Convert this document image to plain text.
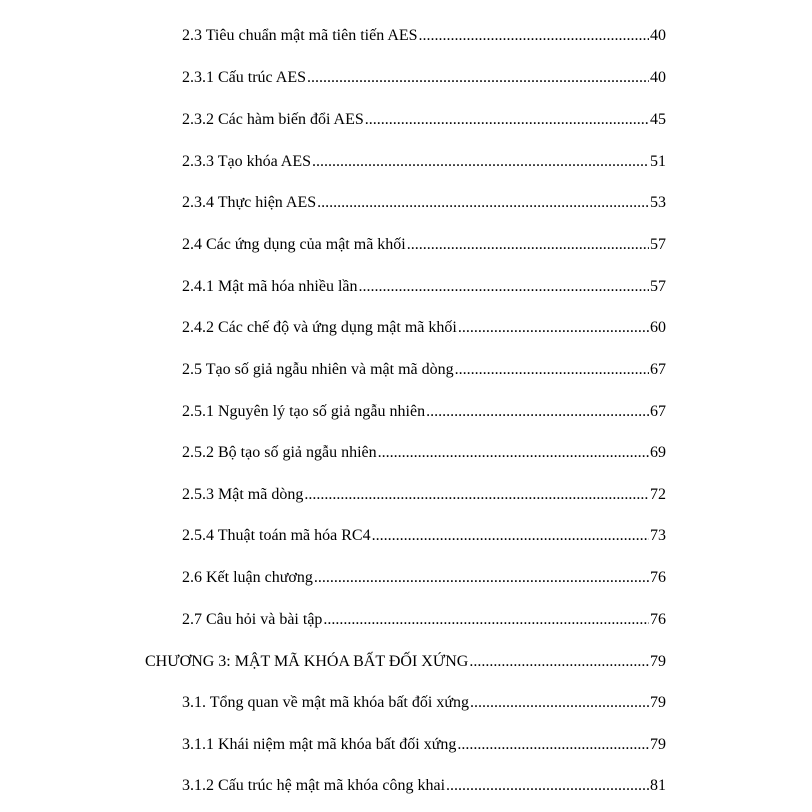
2.3 Tiêu chuẩn mật mã tiên tiến AES .....	40
2.3.1 Cấu trúc AES .....	40
2.3.2 Các hàm biến đổi AES .....	45
2.3.3 Tạo khóa AES .....	51
2.3.4 Thực hiện AES .....	53
2.4 Các ứng dụng của mật mã khối .....	57
2.4.1 Mật mã hóa nhiều lần .....	57
2.4.2 Các chế độ và ứng dụng mật mã khối .....	60
2.5 Tạo số giả ngẫu nhiên và mật mã dòng .....	67
2.5.1 Nguyên lý tạo số giả ngẫu nhiên .....	67
2.5.2 Bộ tạo số giả ngẫu nhiên .....	69
2.5.3 Mật mã dòng .....	72
2.5.4 Thuật toán mã hóa RC4 .....	73
2.6 Kết luận chương .....	76
2.7 Câu hỏi và bài tập .....	76
CHƯƠNG 3: MẬT MÃ KHÓA BẤT ĐỐI XỨNG .....	79
3.1. Tổng quan về mật mã khóa bất đối xứng .....	79
3.1.1 Khái niệm mật mã khóa bất đối xứng .....	79
3.1.2 Cấu trúc hệ mật mã khóa công khai .....	81
